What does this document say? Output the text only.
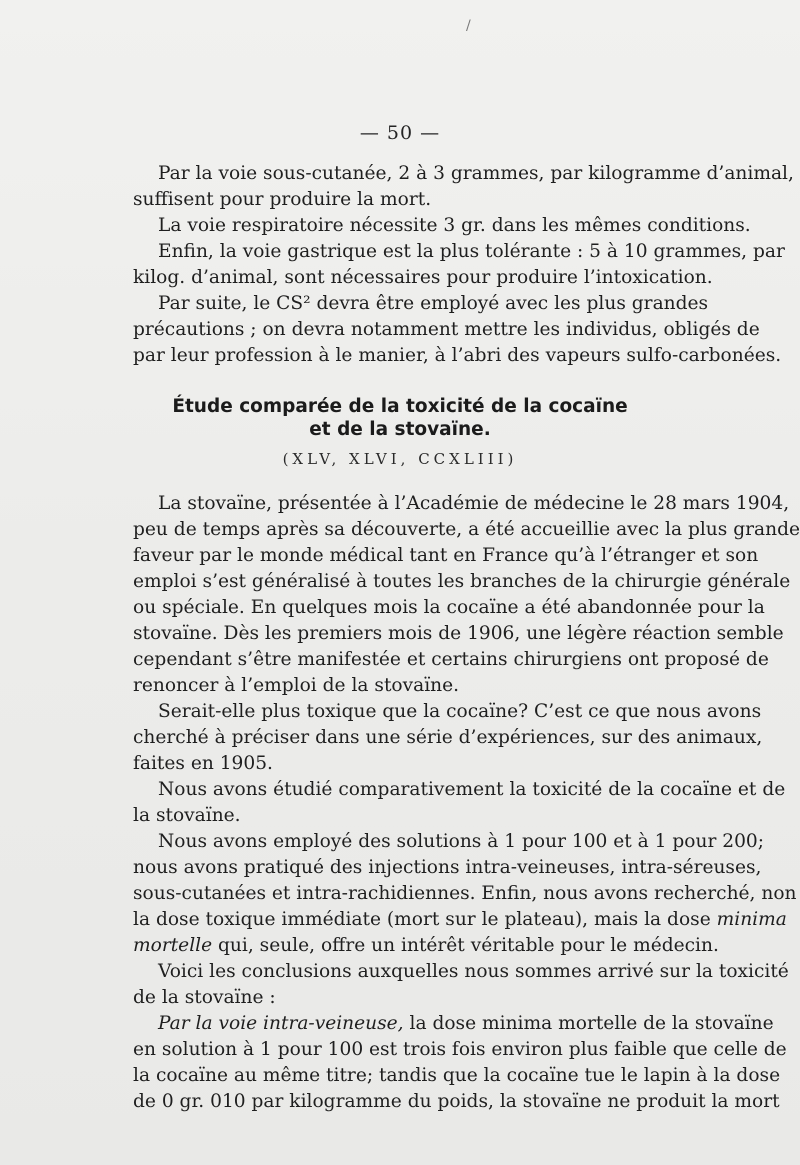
/
— 50 —
Par la voie sous-cutanée, 2 à 3 grammes, par kilogramme d’animal,
suffisent pour produire la mort.
La voie respiratoire nécessite 3 gr. dans les mêmes conditions.
Enfin, la voie gastrique est la plus tolérante : 5 à 10 grammes, par
kilog. d’animal, sont nécessaires pour produire l’intoxication.
Par suite, le CS² devra être employé avec les plus grandes
précautions ; on devra notamment mettre les individus, obligés de
par leur profession à le manier, à l’abri des vapeurs sulfo-carbonées.
Étude comparée de la toxicité de la cocaïne
et de la stovaïne.
(XLV, XLVI, CCXLIII)
La stovaïne, présentée à l’Académie de médecine le 28 mars 1904,
peu de temps après sa découverte, a été accueillie avec la plus grande
faveur par le monde médical tant en France qu’à l’étranger et son
emploi s’est généralisé à toutes les branches de la chirurgie générale
ou spéciale. En quelques mois la cocaïne a été abandonnée pour la
stovaïne. Dès les premiers mois de 1906, une légère réaction semble
cependant s’être manifestée et certains chirurgiens ont proposé de
renoncer à l’emploi de la stovaïne.
Serait-elle plus toxique que la cocaïne? C’est ce que nous avons
cherché à préciser dans une série d’expériences, sur des animaux,
faites en 1905.
Nous avons étudié comparativement la toxicité de la cocaïne et de
la stovaïne.
Nous avons employé des solutions à 1 pour 100 et à 1 pour 200;
nous avons pratiqué des injections intra-veineuses, intra-séreuses,
sous-cutanées et intra-rachidiennes. Enfin, nous avons recherché, non
la dose toxique immédiate (mort sur le plateau), mais la dose minima
mortelle qui, seule, offre un intérêt véritable pour le médecin.
Voici les conclusions auxquelles nous sommes arrivé sur la toxicité
de la stovaïne :
Par la voie intra-veineuse, la dose minima mortelle de la stovaïne
en solution à 1 pour 100 est trois fois environ plus faible que celle de
la cocaïne au même titre; tandis que la cocaïne tue le lapin à la dose
de 0 gr. 010 par kilogramme du poids, la stovaïne ne produit la mort
